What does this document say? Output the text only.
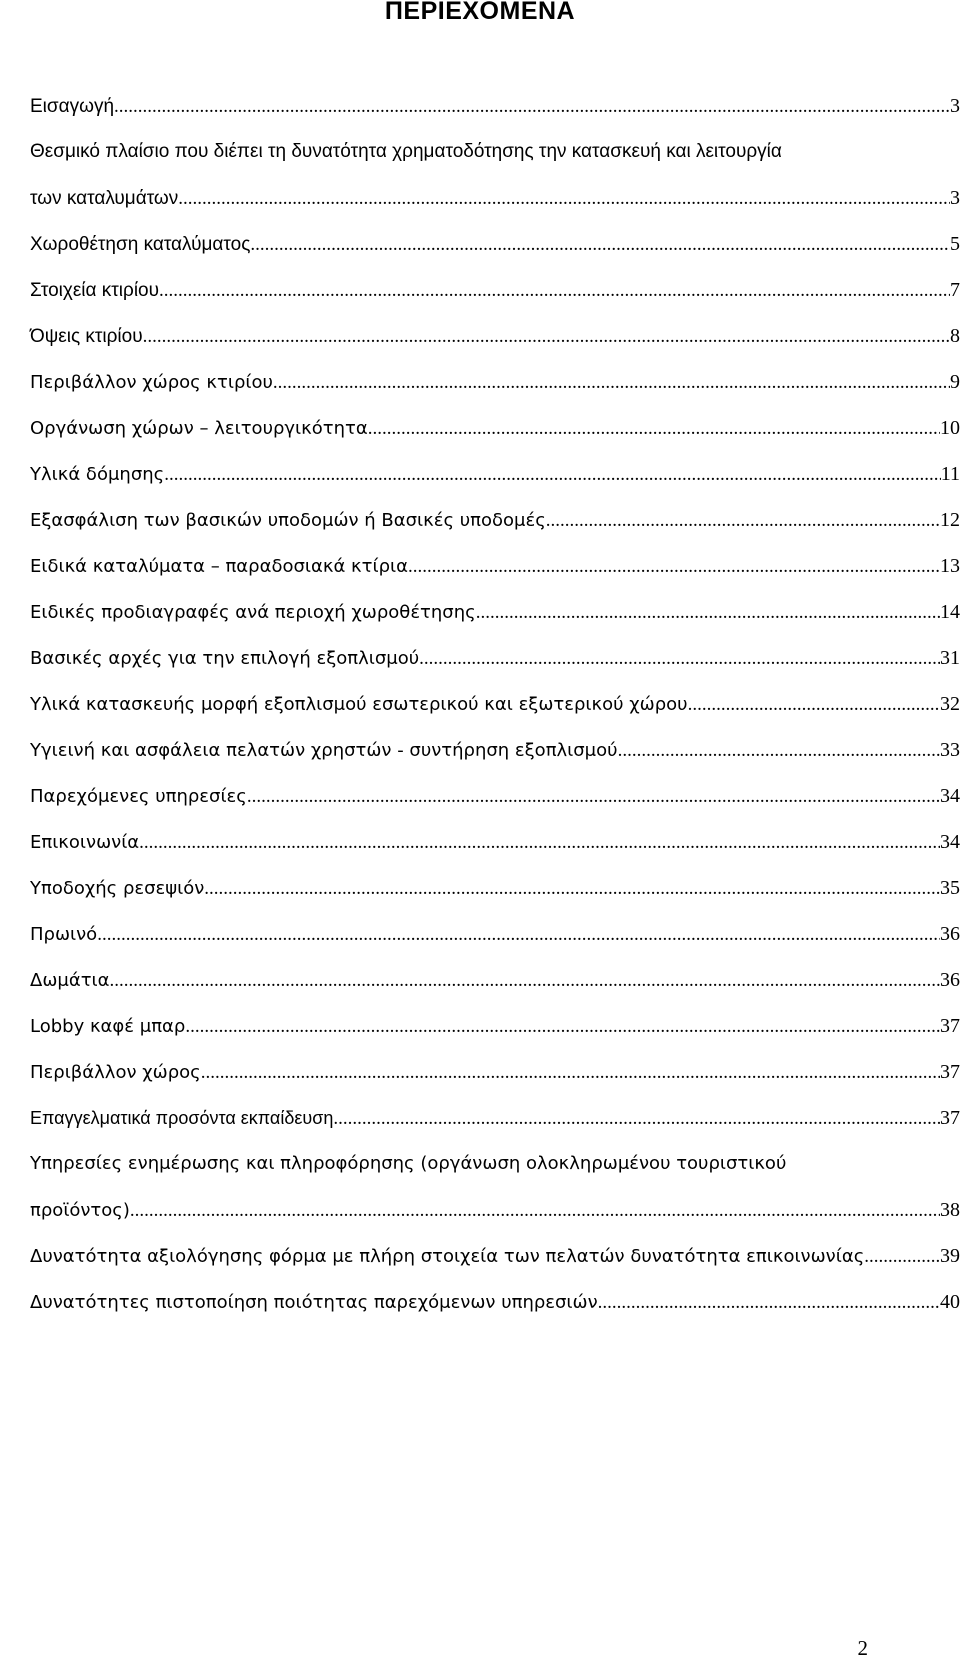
ΠΕΡΙΕΧΟΜΕΝΑ
Εισαγωγή .....	3
Θεσμικό πλαίσιο που διέπει τη δυνατότητα χρηματοδότησης την κατασκευή και λειτουργία
των καταλυμάτων .....	3
Χωροθέτηση καταλύματος .....	5
Στοιχεία κτιρίου .....	7
Όψεις κτιρίου .....	8
Περιβάλλον χώρος κτιρίου .....	9
Οργάνωση χώρων – λειτουργικότητα .....	10
Υλικά δόμησης .....	11
Εξασφάλιση των βασικών υποδομών ή Βασικές υποδομές .....	12
Ειδικά καταλύματα – παραδοσιακά κτίρια .....	13
Ειδικές προδιαγραφές ανά περιοχή χωροθέτησης .....	14
Βασικές αρχές για την επιλογή εξοπλισμού .....	31
Υλικά κατασκευής μορφή εξοπλισμού εσωτερικού και εξωτερικού χώρου .....	32
Υγιεινή και ασφάλεια πελατών χρηστών - συντήρηση εξοπλισμού .....	33
Παρεχόμενες υπηρεσίες .....	34
Επικοινωνία .....	34
Υποδοχής ρεσεψιόν .....	35
Πρωινό .....	36
Δωμάτια .....	36
Lobby καφέ μπαρ .....	37
Περιβάλλον χώρος .....	37
Επαγγελματικά προσόντα εκπαίδευση .....	37
Υπηρεσίες ενημέρωσης και πληροφόρησης (οργάνωση ολοκληρωμένου τουριστικού
προϊόντος) .....	38
Δυνατότητα αξιολόγησης φόρμα με πλήρη στοιχεία των πελατών δυνατότητα επικοινωνίας .....	39
Δυνατότητες πιστοποίηση ποιότητας παρεχόμενων υπηρεσιών .....	40
2
